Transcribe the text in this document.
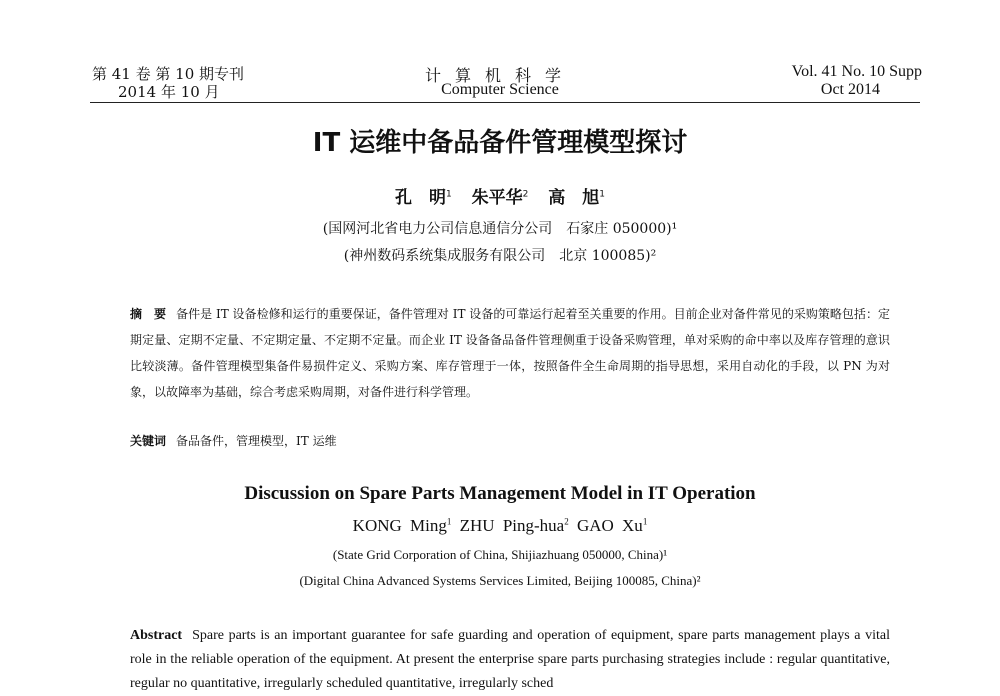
第 41 卷 第 10 期专刊
2014 年 10 月
计算机科学
Computer Science
Vol. 41 No. 10 Supp
Oct 2014
IT 运维中备品备件管理模型探讨
孔　明$^1$ 朱平华$^2$ 高　旭$^1$
(国网河北省电力公司信息通信分公司　石家庄 050000)¹
(神州数码系统集成服务有限公司　北京 100085)²
摘　要 备件是 IT 设备检修和运行的重要保证，备件管理对 IT 设备的可靠运行起着至关重要的作用。目前企业对备件常见的采购策略包括：定期定量、定期不定量、不定期定量、不定期不定量。而企业 IT 设备备品备件管理侧重于设备采购管理，单对采购的命中率以及库存管理的意识比较淡薄。备件管理模型集备件易损件定义、采购方案、库存管理于一体，按照备件全生命周期的指导思想，采用自动化的手段，以 PN 为对象，以故障率为基础，综合考虑采购周期，对备件进行科学管理。
关键词 备品备件，管理模型，IT 运维
Discussion on Spare Parts Management Model in IT Operation
KONG Ming$^1$ ZHU Ping-hua$^2$ GAO Xu$^1$
(State Grid Corporation of China, Shijiazhuang 050000, China)¹
(Digital China Advanced Systems Services Limited, Beijing 100085, China)²
Abstract Spare parts is an important guarantee for safe guarding and operation of equipment, spare parts management plays a vital role in the reliable operation of the equipment. At present the enterprise spare parts purchasing strategies include : regular quantitative, regular no quantitative, irregularly scheduled quantitative, irregularly sched
